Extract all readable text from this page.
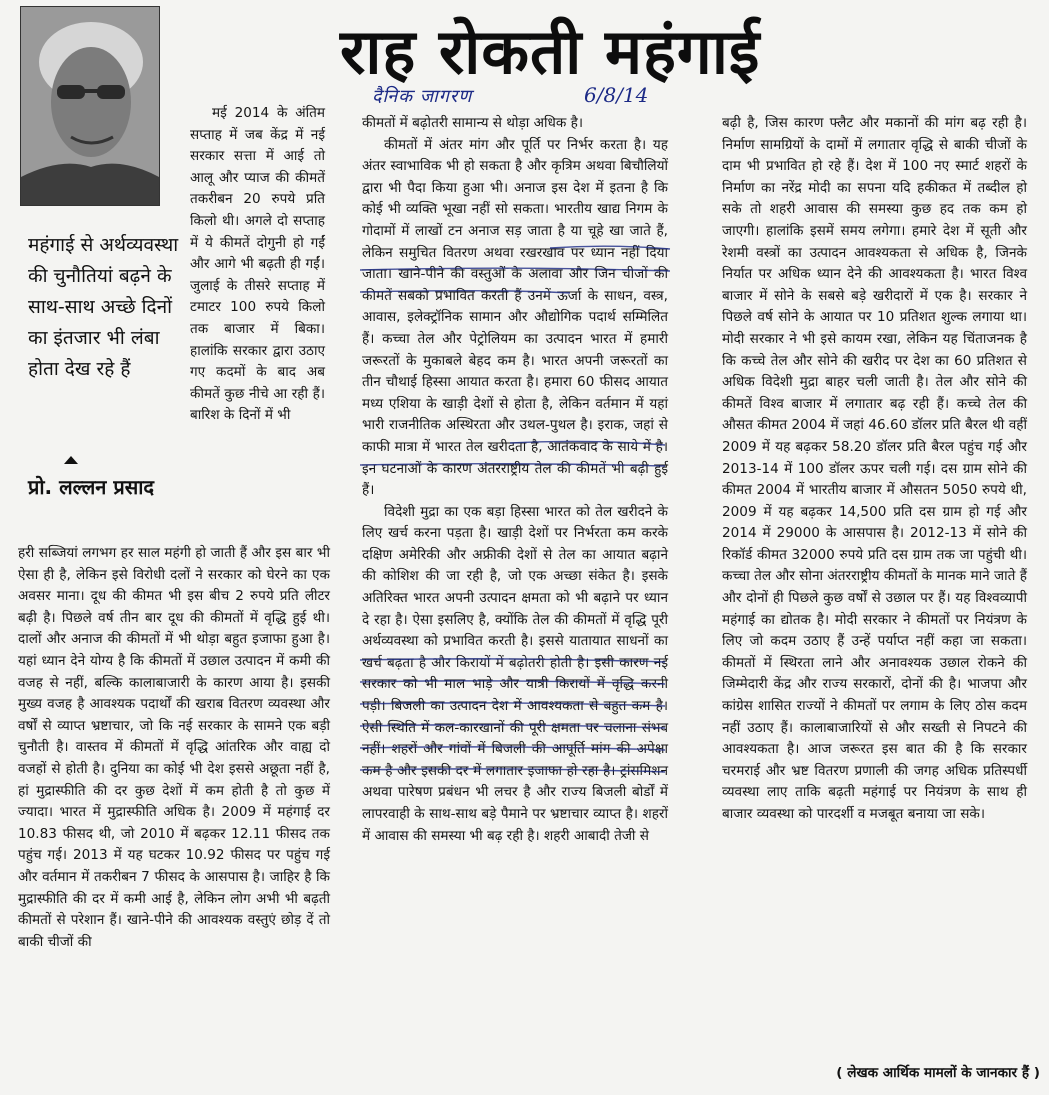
राह रोकती महंगाई
दैनिक जागरण	6/8/14
महंगाई से अर्थव्यवस्था की चुनौतियां बढ़ने के साथ-साथ अच्छे दिनों का इंतजार भी लंबा होता देख रहे हैं
प्रो. लल्लन प्रसाद

मई 2014 के अंतिम सप्ताह में जब केंद्र में नई सरकार सत्ता में आई तो आलू और प्याज की कीमतें तकरीबन 20 रुपये प्रति किलो थी। अगले दो सप्ताह में ये कीमतें दोगुनी हो गईं और आगे भी बढ़ती ही गईं। जुलाई के तीसरे सप्ताह में टमाटर 100 रुपये किलो तक बाजार में बिका। हालांकि सरकार द्वारा उठाए गए कदमों के बाद अब कीमतें कुछ नीचे आ रही हैं। बारिश के दिनों में भी

हरी सब्जियां लगभग हर साल महंगी हो जाती हैं और इस बार भी ऐसा ही है, लेकिन इसे विरोधी दलों ने सरकार को घेरने का एक अवसर माना। दूध की कीमत भी इस बीच 2 रुपये प्रति लीटर बढ़ी है। पिछले वर्ष तीन बार दूध की कीमतों में वृद्धि हुई थी। दालों और अनाज की कीमतों में भी थोड़ा बहुत इजाफा हुआ है। यहां ध्यान देने योग्य है कि कीमतों में उछाल उत्पादन में कमी की वजह से नहीं, बल्कि कालाबाजारी के कारण आया है। इसकी मुख्य वजह है आवश्यक पदार्थों की खराब वितरण व्यवस्था और वर्षों से व्याप्त भ्रष्टाचार, जो कि नई सरकार के सामने एक बड़ी चुनौती है। वास्तव में कीमतों में वृद्धि आंतरिक और वाह्य दो वजहों से होती है। दुनिया का कोई भी देश इससे अछूता नहीं है, हां मुद्रास्फीति की दर कुछ देशों में कम होती है तो कुछ में ज्यादा। भारत में मुद्रास्फीति अधिक है। 2009 में महंगाई दर 10.83 फीसद थी, जो 2010 में बढ़कर 12.11 फीसद तक पहुंच गई। 2013 में यह घटकर 10.92 फीसद पर पहुंच गई और वर्तमान में तकरीबन 7 फीसद के आसपास है। जाहिर है कि मुद्रास्फीति की दर में कमी आई है, लेकिन लोग अभी भी बढ़ती कीमतों से परेशान हैं। खाने-पीने की आवश्यक वस्तुएं छोड़ दें तो बाकी चीजों की

कीमतों में बढ़ोतरी सामान्य से थोड़ा अधिक है।

कीमतों में अंतर मांग और पूर्ति पर निर्भर करता है। यह अंतर स्वाभाविक भी हो सकता है और कृत्रिम अथवा बिचौलियों द्वारा भी पैदा किया हुआ भी। अनाज इस देश में इतना है कि कोई भी व्यक्ति भूखा नहीं सो सकता। भारतीय खाद्य निगम के गोदामों में लाखों टन अनाज सड़ जाता है या चूहे खा जाते हैं, लेकिन समुचित वितरण अथवा रखरखाव पर ध्यान नहीं दिया जाता। खाने-पीने की वस्तुओं के अलावा और जिन चीजों की कीमतें सबको प्रभावित करती हैं उनमें ऊर्जा के साधन, वस्त्र, आवास, इलेक्ट्रॉनिक सामान और औद्योगिक पदार्थ सम्मिलित हैं। कच्चा तेल और पेट्रोलियम का उत्पादन भारत में हमारी जरूरतों के मुकाबले बेहद कम है। भारत अपनी जरूरतों का तीन चौथाई हिस्सा आयात करता है। हमारा 60 फीसद आयात मध्य एशिया के खाड़ी देशों से होता है, लेकिन वर्तमान में यहां भारी राजनीतिक अस्थिरता और उथल-पुथल है। इराक, जहां से काफी मात्रा में भारत तेल खरीदता है, आतंकवाद के साये में है। इन घटनाओं के कारण अंतरराष्ट्रीय तेल की कीमतें भी बढ़ी हुई हैं।

विदेशी मुद्रा का एक बड़ा हिस्सा भारत को तेल खरीदने के लिए खर्च करना पड़ता है। खाड़ी देशों पर निर्भरता कम करके दक्षिण अमेरिकी और अफ्रीकी देशों से तेल का आयात बढ़ाने की कोशिश की जा रही है, जो एक अच्छा संकेत है। इसके अतिरिक्त भारत अपनी उत्पादन क्षमता को भी बढ़ाने पर ध्यान दे रहा है। ऐसा इसलिए है, क्योंकि तेल की कीमतों में वृद्धि पूरी अर्थव्यवस्था को प्रभावित करती है। इससे यातायात साधनों का खर्च बढ़ता है और किरायों में बढ़ोतरी होती है। इसी कारण नई सरकार को भी माल भाड़े और यात्री किरायों में वृद्धि करनी पड़ी। बिजली का उत्पादन देश में आवश्यकता से बहुत कम है। ऐसी स्थिति में कल-कारखानों की पूरी क्षमता पर चलाना संभव नहीं। शहरों और गांवों में बिजली की आपूर्ति मांग की अपेक्षा कम है और इसकी दर में लगातार इजाफा हो रहा है। ट्रांसमिशन अथवा पारेषण प्रबंधन भी लचर है और राज्य बिजली बोर्डों में लापरवाही के साथ-साथ बड़े पैमाने पर भ्रष्टाचार व्याप्त है। शहरों में आवास की समस्या भी बढ़ रही है। शहरी आबादी तेजी से

बढ़ी है, जिस कारण फ्लैट और मकानों की मांग बढ़ रही है। निर्माण सामग्रियों के दामों में लगातार वृद्धि से बाकी चीजों के दाम भी प्रभावित हो रहे हैं। देश में 100 नए स्मार्ट शहरों के निर्माण का नरेंद्र मोदी का सपना यदि हकीकत में तब्दील हो सके तो शहरी आवास की समस्या कुछ हद तक कम हो जाएगी। हालांकि इसमें समय लगेगा। हमारे देश में सूती और रेशमी वस्त्रों का उत्पादन आवश्यकता से अधिक है, जिनके निर्यात पर अधिक ध्यान देने की आवश्यकता है। भारत विश्व बाजार में सोने के सबसे बड़े खरीदारों में एक है। सरकार ने पिछले वर्ष सोने के आयात पर 10 प्रतिशत शुल्क लगाया था। मोदी सरकार ने भी इसे कायम रखा, लेकिन यह चिंताजनक है कि कच्चे तेल और सोने की खरीद पर देश का 60 प्रतिशत से अधिक विदेशी मुद्रा बाहर चली जाती है। तेल और सोने की कीमतें विश्व बाजार में लगातार बढ़ रही हैं। कच्चे तेल की औसत कीमत 2004 में जहां 46.60 डॉलर प्रति बैरल थी वहीं 2009 में यह बढ़कर 58.20 डॉलर प्रति बैरल पहुंच गई और 2013-14 में 100 डॉलर ऊपर चली गई। दस ग्राम सोने की कीमत 2004 में भारतीय बाजार में औसतन 5050 रुपये थी, 2009 में यह बढ़कर 14,500 प्रति दस ग्राम हो गई और 2014 में 29000 के आसपास है। 2012-13 में सोने की रिकॉर्ड कीमत 32000 रुपये प्रति दस ग्राम तक जा पहुंची थी। कच्चा तेल और सोना अंतरराष्ट्रीय कीमतों के मानक माने जाते हैं और दोनों ही पिछले कुछ वर्षों से उछाल पर हैं। यह विश्वव्यापी महंगाई का द्योतक है। मोदी सरकार ने कीमतों पर नियंत्रण के लिए जो कदम उठाए हैं उन्हें पर्याप्त नहीं कहा जा सकता। कीमतों में स्थिरता लाने और अनावश्यक उछाल रोकने की जिम्मेदारी केंद्र और राज्य सरकारों, दोनों की है। भाजपा और कांग्रेस शासित राज्यों ने कीमतों पर लगाम के लिए ठोस कदम नहीं उठाए हैं। कालाबाजारियों से और सख्ती से निपटने की आवश्यकता है। आज जरूरत इस बात की है कि सरकार चरमराई और भ्रष्ट वितरण प्रणाली की जगह अधिक प्रतिस्पर्धी व्यवस्था लाए ताकि बढ़ती महंगाई पर नियंत्रण के साथ ही बाजार व्यवस्था को पारदर्शी व मजबूत बनाया जा सके।

( लेखक आर्थिक मामलों के जानकार हैं )
